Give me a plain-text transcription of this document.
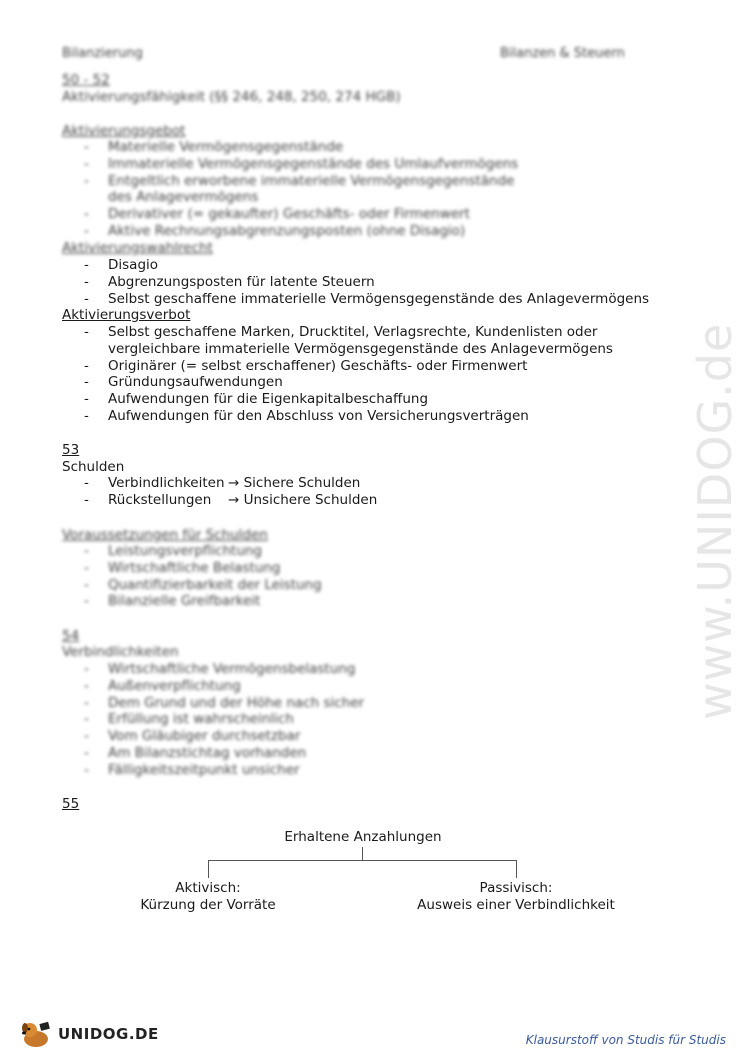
Bilanzierung	Bilanzen & Steuern
www.UNIDOG.de
50 - 52
Aktivierungsfähigkeit (§§ 246, 248, 250, 274 HGB)
Aktivierungsgebot
- Materielle Vermögensgegenstände
- Immaterielle Vermögensgegenstände des Umlaufvermögens
- Entgeltlich erworbene immaterielle Vermögensgegenstände
des Anlagevermögens
- Derivativer (= gekaufter) Geschäfts- oder Firmenwert
- Aktive Rechnungsabgrenzungsposten (ohne Disagio)
Aktivierungswahlrecht
- Disagio
- Abgrenzungsposten für latente Steuern
- Selbst geschaffene immaterielle Vermögensgegenstände des Anlagevermögens
Aktivierungsverbot
- Selbst geschaffene Marken, Drucktitel, Verlagsrechte, Kundenlisten oder
vergleichbare immaterielle Vermögensgegenstände des Anlagevermögens
- Originärer (= selbst erschaffener) Geschäfts- oder Firmenwert
- Gründungsaufwendungen
- Aufwendungen für die Eigenkapitalbeschaffung
- Aufwendungen für den Abschluss von Versicherungsverträgen
53
Schulden
- Verbindlichkeiten → Sichere Schulden
- Rückstellungen → Unsichere Schulden
Voraussetzungen für Schulden
- Leistungsverpflichtung
- Wirtschaftliche Belastung
- Quantifizierbarkeit der Leistung
- Bilanzielle Greifbarkeit
54
Verbindlichkeiten
- Wirtschaftliche Vermögensbelastung
- Außenverpflichtung
- Dem Grund und der Höhe nach sicher
- Erfüllung ist wahrscheinlich
- Vom Gläubiger durchsetzbar
- Am Bilanzstichtag vorhanden
- Fälligkeitszeitpunkt unsicher
55
Erhaltene Anzahlungen
Aktivisch:
Kürzung der Vorräte
Passivisch:
Ausweis einer Verbindlichkeit
UNIDOG.DE	Klausurstoff von Studis für Studis
